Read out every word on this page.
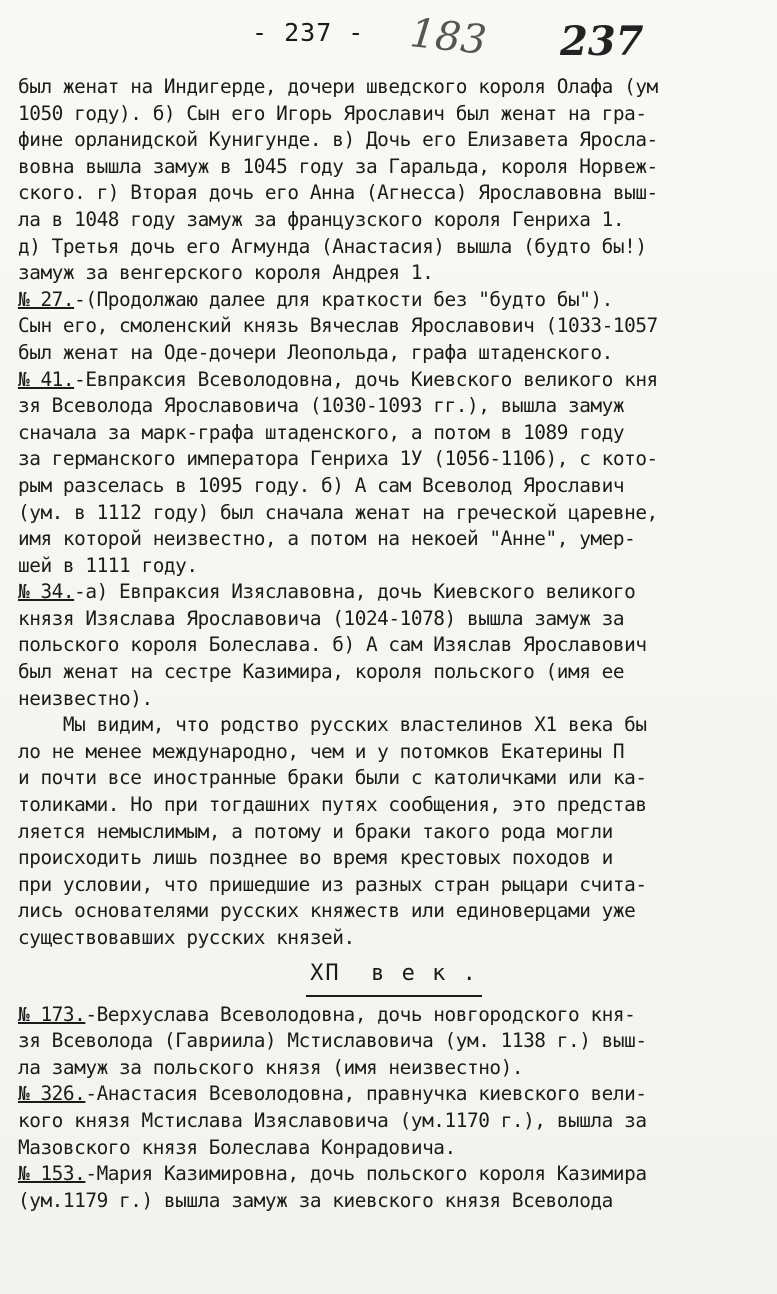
- 237 - 183 237
был женат на Индигерде, дочери шведского короля Олафа (ум
1050 году). б) Сын его Игорь Ярославич был женат на гра-
фине орланидской Кунигунде. в) Дочь его Елизавета Яросла-
вовна вышла замуж в 1045 году за Гаральда, короля Норвеж-
ского. г) Вторая дочь его Анна (Агнесса) Ярославовна выш-
ла в 1048 году замуж за французского короля Генриха 1.
д) Третья дочь его Агмунда (Анастасия) вышла (будто бы!)
замуж за венгерского короля Андрея 1.
№ 27.-(Продолжаю далее для краткости без "будто бы").
Сын его, смоленский князь Вячеслав Ярославович (1033-1057
был женат на Оде-дочери Леопольда, графа штаденского.
№ 41.-Евпраксия Всеволодовна, дочь Киевского великого кня
зя Всеволода Ярославовича (1030-1093 гг.), вышла замуж
сначала за марк-графа штаденского, а потом в 1089 году
за германского императора Генриха 1У (1056-1106), с кото-
рым разселась в 1095 году. б) А сам Всеволод Ярославич
(ум. в 1112 году) был сначала женат на греческой царевне,
имя которой неизвестно, а потом на некоей "Анне", умер-
шей в 1111 году.
№ 34.-а) Евпраксия Изяславовна, дочь Киевского великого
князя Изяслава Ярославовича (1024-1078) вышла замуж за
польского короля Болеслава. б) А сам Изяслав Ярославович
был женат на сестре Казимира, короля польского (имя ее
неизвестно).
Мы видим, что родство русских властелинов Х1 века бы
ло не менее международно, чем и у потомков Екатерины П
и почти все иностранные браки были с католичками или ка-
толиками. Но при тогдашних путях сообщения, это представ
ляется немыслимым, а потому и браки такого рода могли
происходить лишь позднее во время крестовых походов и
при условии, что пришедшие из разных стран рыцари счита-
лись основателями русских княжеств или единоверцами уже
существовавших русских князей.
ХП  в е к .
№ 173.-Верхуслава Всеволодовна, дочь новгородского кня-
зя Всеволода (Гавриила) Мстиславовича (ум. 1138 г.) выш-
ла замуж за польского князя (имя неизвестно).
№ 326.-Анастасия Всеволодовна, правнучка киевского вели-
кого князя Мстислава Изяславовича (ум.1170 г.), вышла за
Мазовского князя Болеслава Конрадовича.
№ 153.-Мария Казимировна, дочь польского короля Казимира
(ум.1179 г.) вышла замуж за киевского князя Всеволода
